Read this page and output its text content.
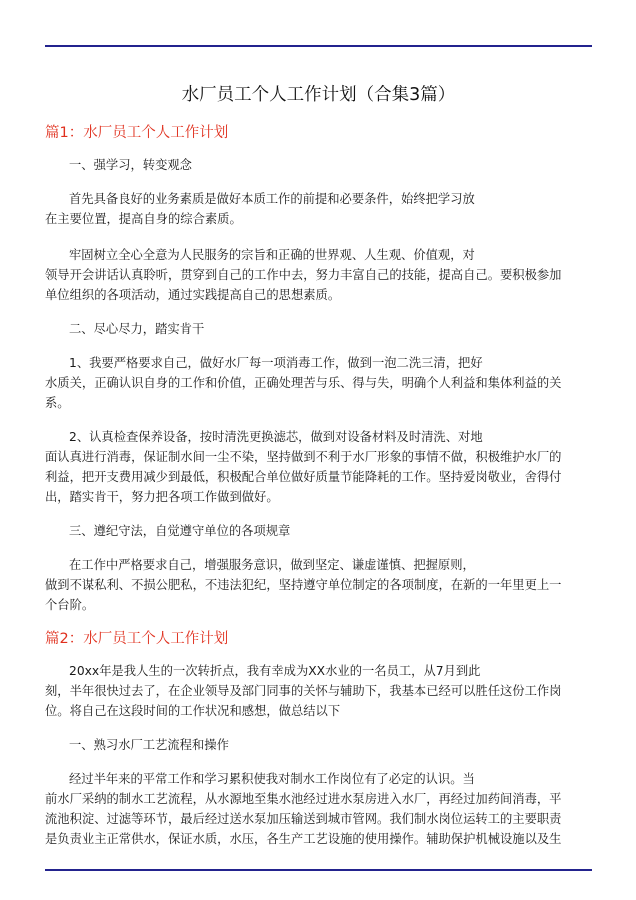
水厂员工个人工作计划（合集3篇）
篇1：水厂员工个人工作计划

一、强学习，转变观念

首先具备良好的业务素质是做好本质工作的前提和必要条件，始终把学习放

在主要位置，提高自身的综合素质。

牢固树立全心全意为人民服务的宗旨和正确的世界观、人生观、价值观，对

领导开会讲话认真聆听，贯穿到自己的工作中去，努力丰富自己的技能，提高自己。要积极参加

单位组织的各项活动，通过实践提高自己的思想素质。

二、尽心尽力，踏实肯干

1、我要严格要求自己，做好水厂每一项消毒工作，做到一泡二洗三清，把好

水质关，正确认识自身的工作和价值，正确处理苦与乐、得与失，明确个人利益和集体利益的关

系。

2、认真检查保养设备，按时清洗更换滤芯，做到对设备材料及时清洗、对地

面认真进行消毒，保证制水间一尘不染，坚持做到不利于水厂形象的事情不做，积极维护水厂的

利益，把开支费用减少到最低，积极配合单位做好质量节能降耗的工作。坚持爱岗敬业，舍得付

出，踏实肯干，努力把各项工作做到做好。

三、遵纪守法，自觉遵守单位的各项规章

在工作中严格要求自己，增强服务意识，做到坚定、谦虚谨慎、把握原则，

做到不谋私利、不损公肥私，不违法犯纪，坚持遵守单位制定的各项制度，在新的一年里更上一

个台阶。

篇2：水厂员工个人工作计划

20xx年是我人生的一次转折点，我有幸成为XX水业的一名员工，从7月到此

刻，半年很快过去了，在企业领导及部门同事的关怀与辅助下，我基本已经可以胜任这份工作岗

位。将自己在这段时间的工作状况和感想，做总结以下

一、熟习水厂工艺流程和操作

经过半年来的平常工作和学习累积使我对制水工作岗位有了必定的认识。当

前水厂采纳的制水工艺流程，从水源地至集水池经过进水泵房进入水厂，再经过加药间消毒，平

流池积淀、过滤等环节，最后经过送水泵加压输送到城市管网。我们制水岗位运转工的主要职责

是负责业主正常供水，保证水质，水压，各生产工艺设施的使用操作。辅助保护机械设施以及生
